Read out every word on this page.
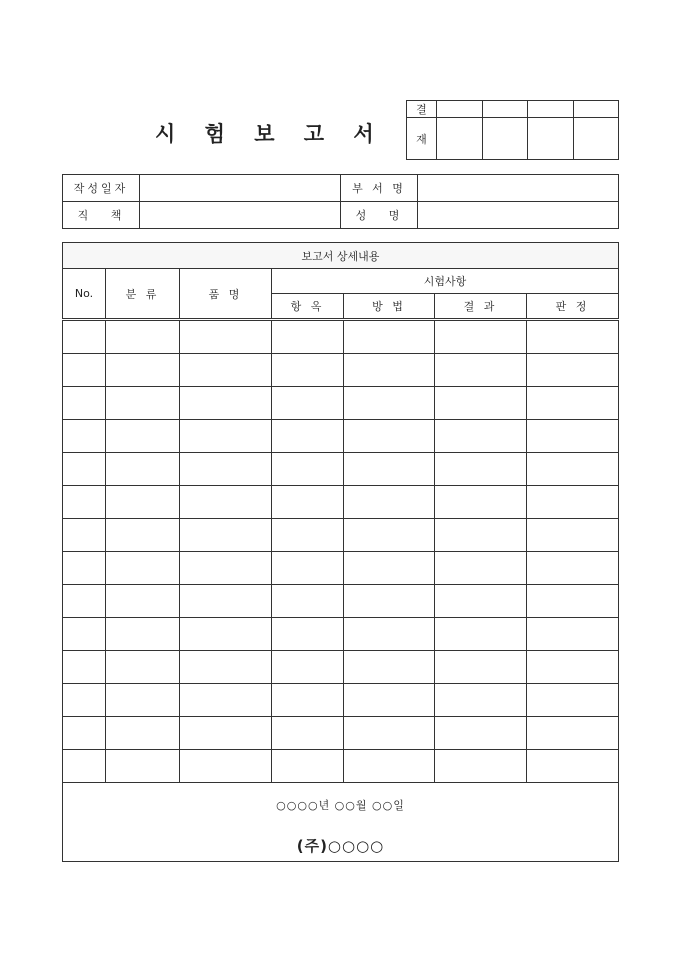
시 험 보 고 서
결				
재				
작성일자		부 서 명	
직   책		성   명	
보고서 상세내용						
No.	분 류	품 명	시험사항			
			항 옥	방 법	결 과	판 정

○○○○년 ○○월 ○○일
(주)○○○○						
